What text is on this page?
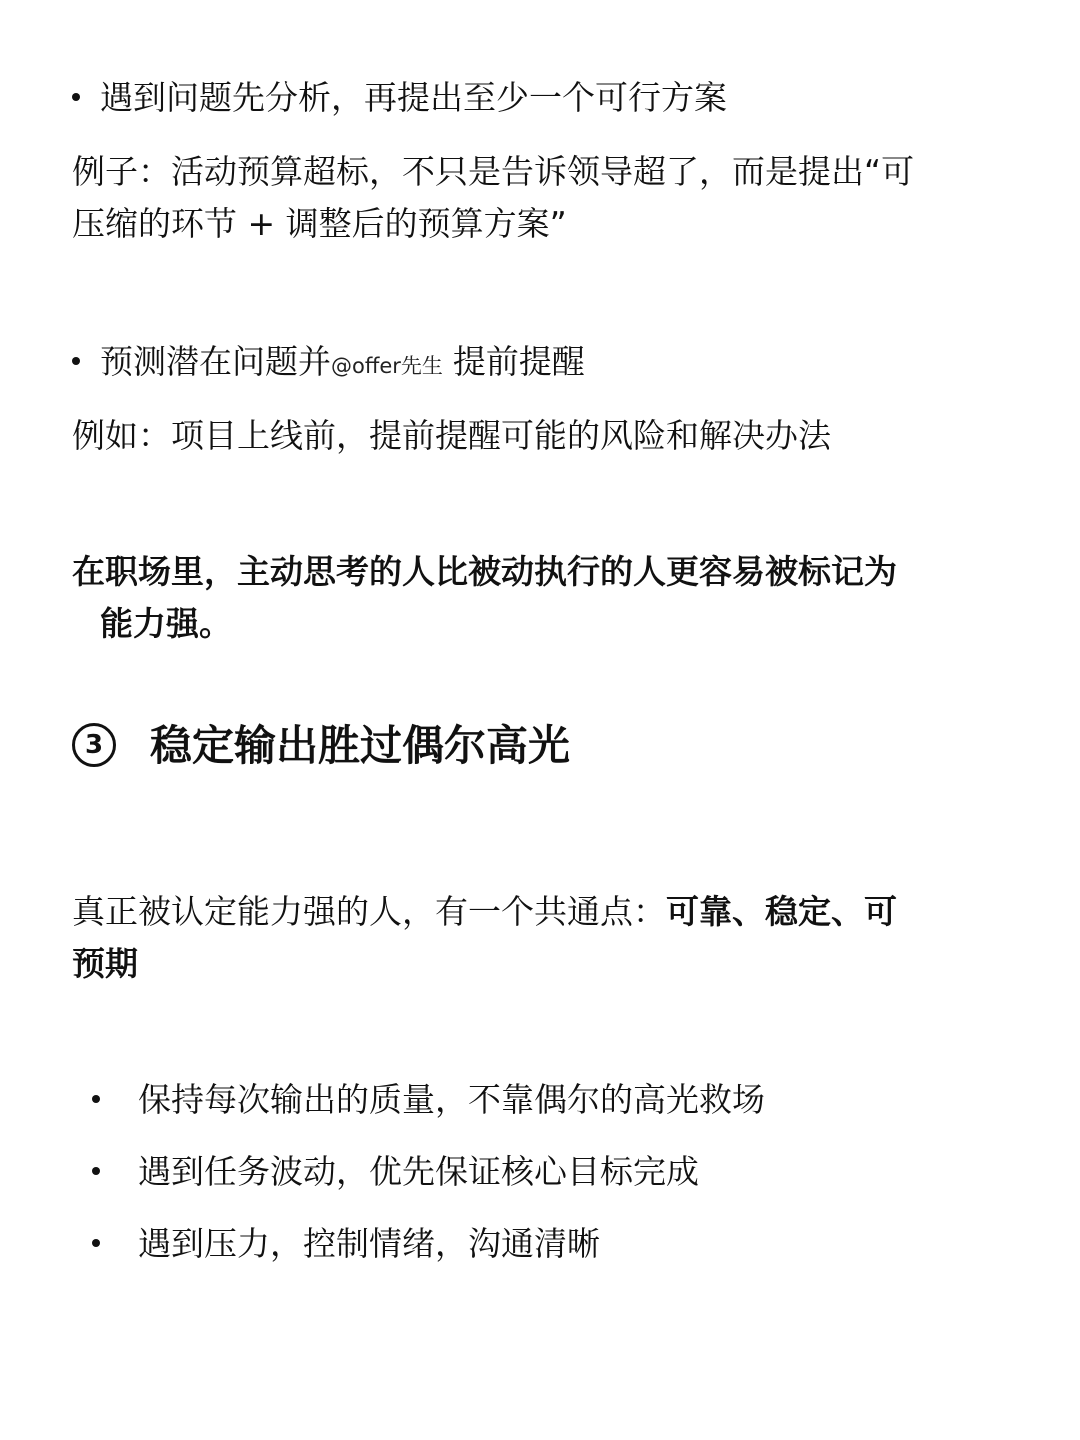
遇到问题先分析，再提出至少一个可行方案

例子：活动预算超标，不只是告诉领导超了，而是提出“可

压缩的环节 + 调整后的预算方案”

预测潜在问题并@offer先生 提前提醒

例如：项目上线前，提前提醒可能的风险和解决办法

在职场里，主动思考的人比被动执行的人更容易被标记为

能力强。

3 稳定输出胜过偶尔高光

真正被认定能力强的人，有一个共通点：可靠、稳定、可

预期

保持每次输出的质量，不靠偶尔的高光救场
遇到任务波动，优先保证核心目标完成
遇到压力，控制情绪，沟通清晰
